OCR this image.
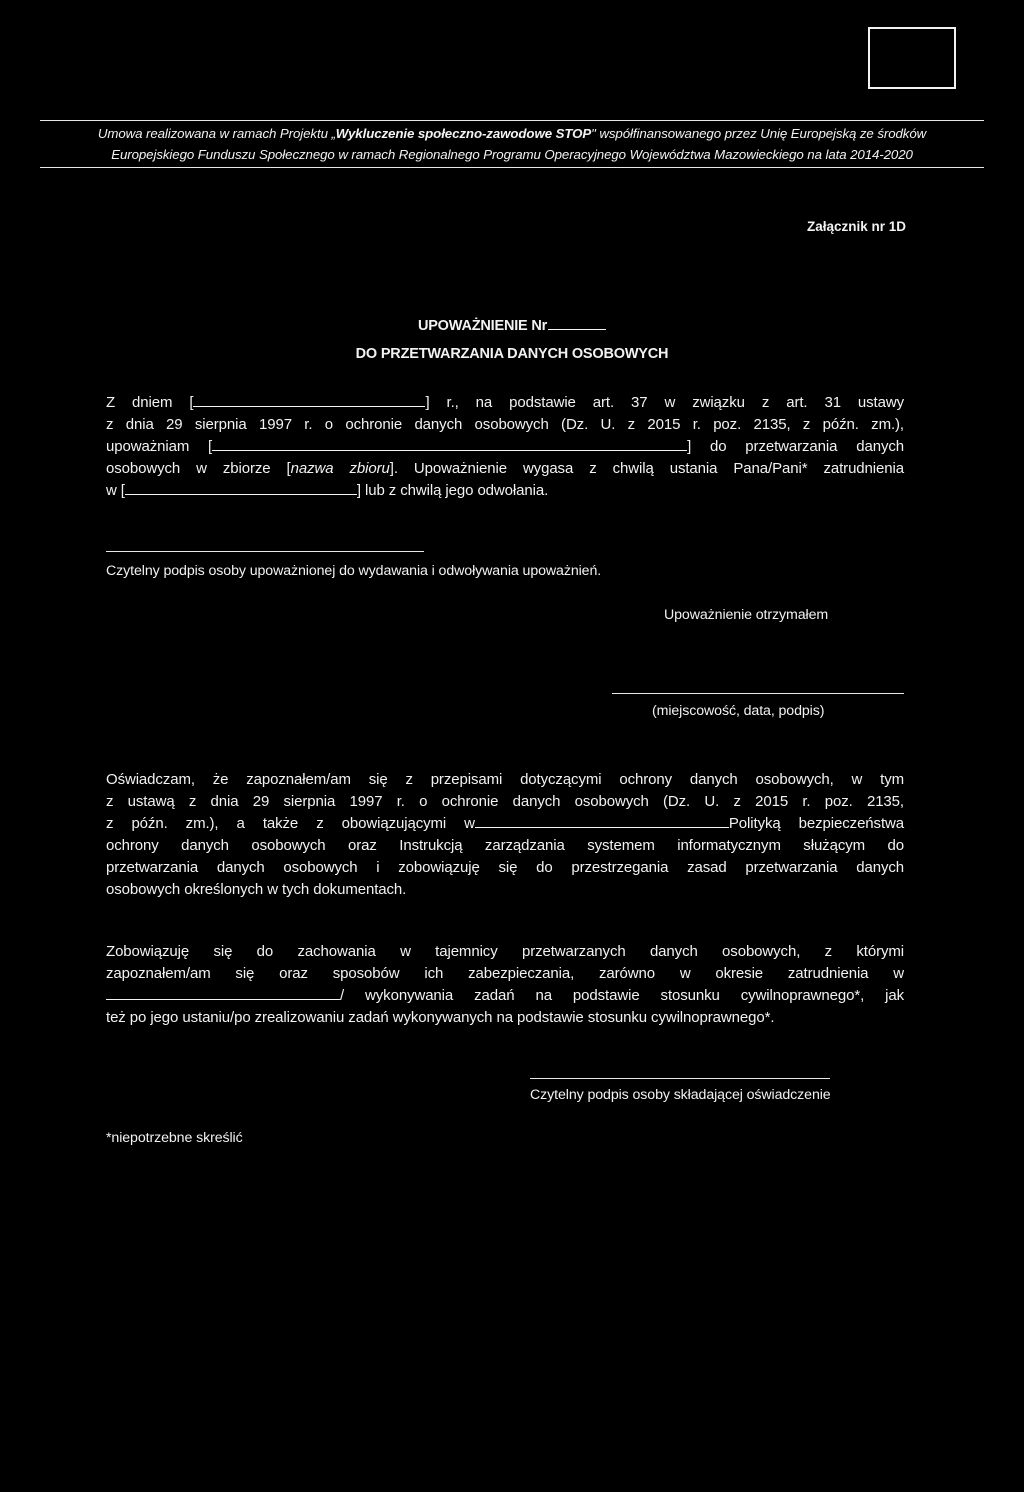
Umowa realizowana w ramach Projektu „Wykluczenie społeczno-zawodowe STOP" współfinansowanego przez Unię Europejską ze środków
Europejskiego Funduszu Społecznego w ramach Regionalnego Programu Operacyjnego Województwa Mazowieckiego na lata 2014-2020
Załącznik nr 1D
UPOWAŻNIENIE Nr
DO PRZETWARZANIA DANYCH OSOBOWYCH

Z dniem [	] r., na podstawie art. 37 w związku z art. 31 ustawy

z dnia 29 sierpnia 1997 r. o ochronie danych osobowych (Dz. U. z 2015 r. poz. 2135, z późn. zm.),

upoważniam [	] do przetwarzania danych

osobowych w zbiorze [nazwa zbioru]. Upoważnienie wygasa z chwilą ustania Pana/Pani* zatrudnienia

w [	] lub z chwilą jego odwołania.

Czytelny podpis osoby upoważnionej do wydawania i odwoływania upoważnień.
Upoważnienie otrzymałem
(miejscowość, data, podpis)

Oświadczam, że zapoznałem/am się z przepisami dotyczącymi ochrony danych osobowych, w tym

z ustawą z dnia 29 sierpnia 1997 r. o ochronie danych osobowych (Dz. U. z 2015 r. poz. 2135,

z późn. zm.), a także z obowiązującymi w	Polityką bezpieczeństwa

ochrony danych osobowych oraz Instrukcją zarządzania systemem informatycznym służącym do

przetwarzania danych osobowych i zobowiązuję się do przestrzegania zasad przetwarzania danych

osobowych określonych w tych dokumentach.

Zobowiązuję się do zachowania w tajemnicy przetwarzanych danych osobowych, z którymi

zapoznałem/am się oraz sposobów ich zabezpieczania, zarówno w okresie zatrudnienia w

/ wykonywania zadań na podstawie stosunku cywilnoprawnego*, jak

też po jego ustaniu/po zrealizowaniu zadań wykonywanych na podstawie stosunku cywilnoprawnego*.

Czytelny podpis osoby składającej oświadczenie
*niepotrzebne skreślić
